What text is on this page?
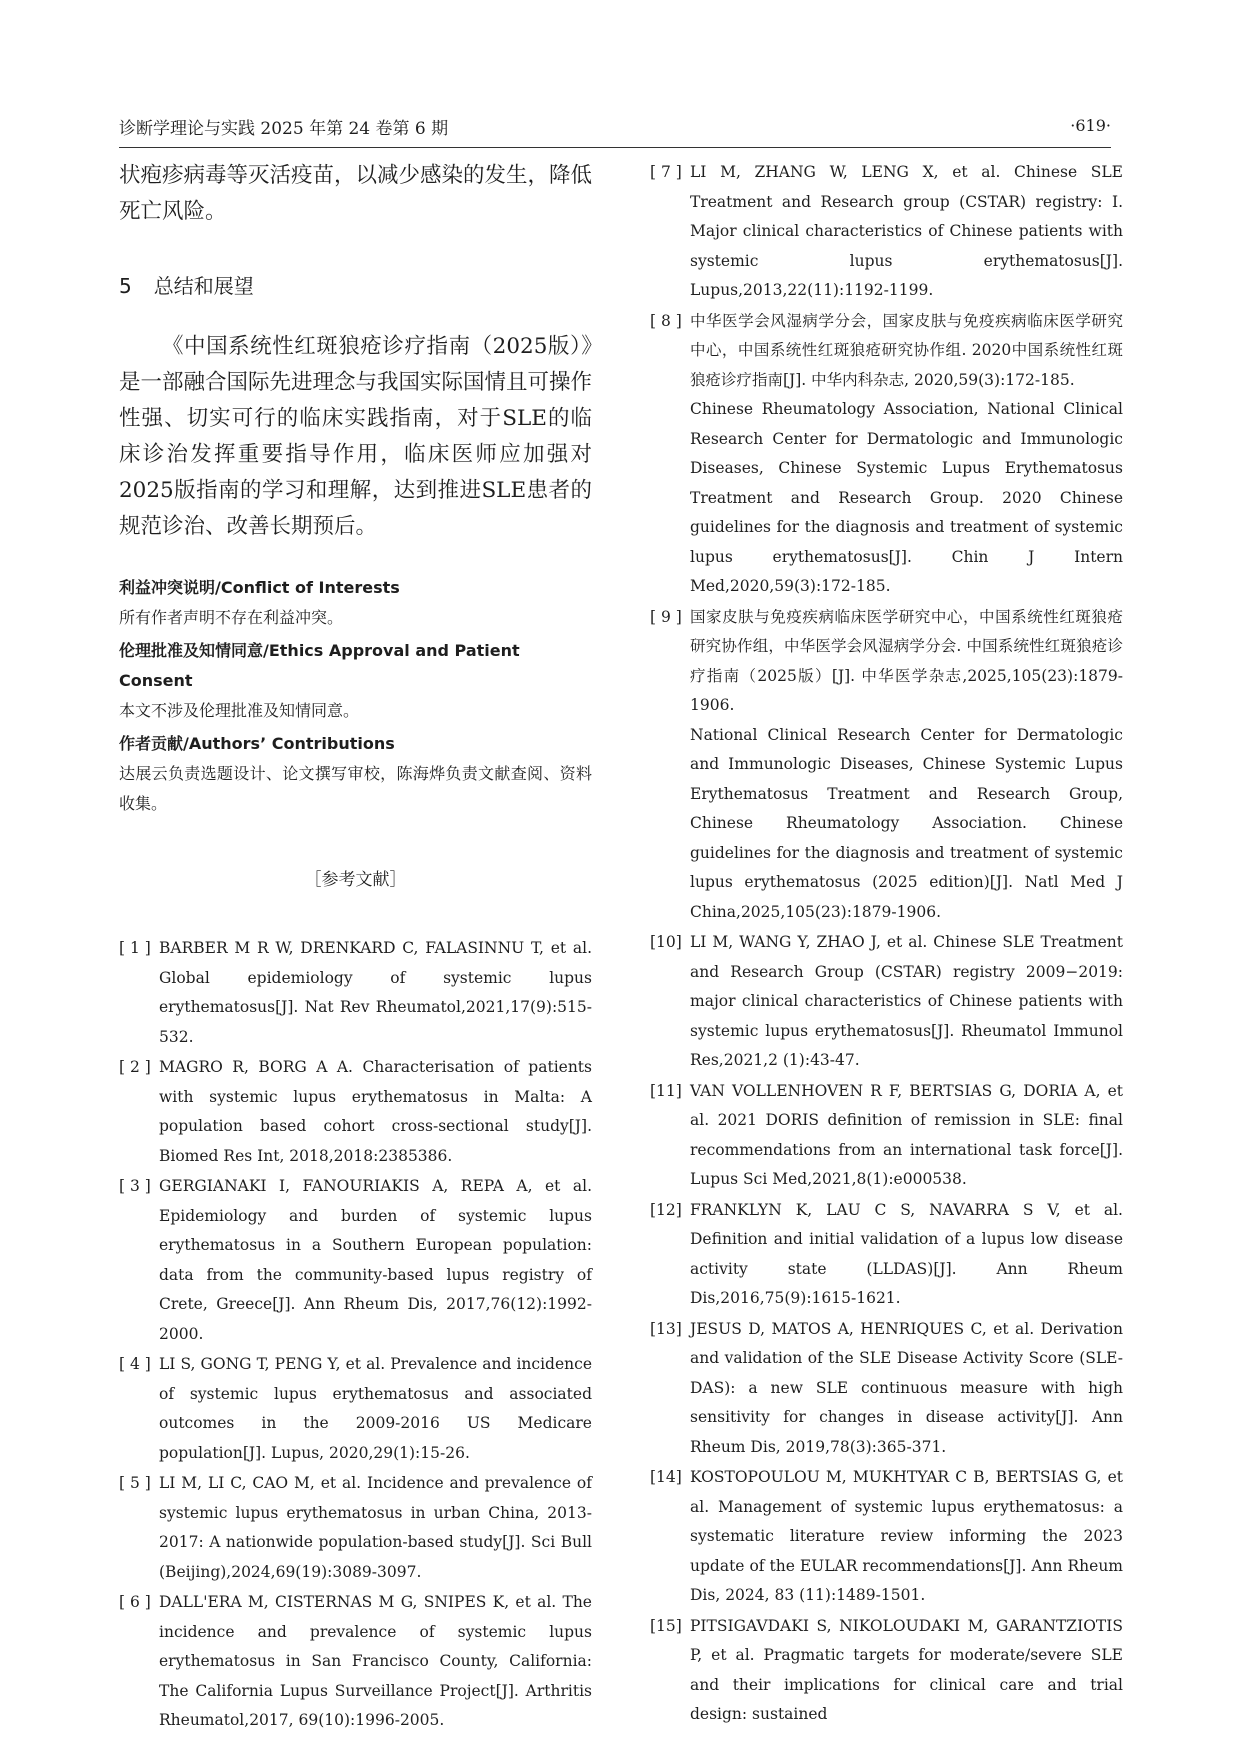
诊断学理论与实践 2025 年第 24 卷第 6 期	·619·

状疱疹病毒等灭活疫苗，以减少感染的发生，降低死亡风险。

5 总结和展望

《中国系统性红斑狼疮诊疗指南（2025版）》是一部融合国际先进理念与我国实际国情且可操作性强、切实可行的临床实践指南，对于SLE的临床诊治发挥重要指导作用，临床医师应加强对2025版指南的学习和理解，达到推进SLE患者的规范诊治、改善长期预后。

利益冲突说明/Conflict of Interests

所有作者声明不存在利益冲突。

伦理批准及知情同意/Ethics Approval and Patient Consent

本文不涉及伦理批准及知情同意。

作者贡献/Authors’ Contributions

达展云负责选题设计、论文撰写审校，陈海烨负责文献查阅、资料收集。

［参考文献］
[ 1 ] BARBER M R W, DRENKARD C, FALASINNU T, et al. Global epidemiology of systemic lupus erythematosus[J]. Nat Rev Rheumatol,2021,17(9):515-532.

[ 2 ] MAGRO R, BORG A A. Characterisation of patients with systemic lupus erythematosus in Malta: A population based cohort cross-sectional study[J]. Biomed Res Int, 2018,2018:2385386.

[ 3 ] GERGIANAKI I, FANOURIAKIS A, REPA A, et al. Epidemiology and burden of systemic lupus erythematosus in a Southern European population: data from the community-based lupus registry of Crete, Greece[J]. Ann Rheum Dis, 2017,76(12):1992-2000.

[ 4 ] LI S, GONG T, PENG Y, et al. Prevalence and incidence of systemic lupus erythematosus and associated outcomes in the 2009-2016 US Medicare population[J]. Lupus, 2020,29(1):15-26.

[ 5 ] LI M, LI C, CAO M, et al. Incidence and prevalence of systemic lupus erythematosus in urban China, 2013-2017: A nationwide population-based study[J]. Sci Bull (Beijing),2024,69(19):3089-3097.

[ 6 ] DALL'ERA M, CISTERNAS M G, SNIPES K, et al. The incidence and prevalence of systemic lupus erythematosus in San Francisco County, California: The California Lupus Surveillance Project[J]. Arthritis Rheumatol,2017, 69(10):1996-2005.

[ 7 ] LI M, ZHANG W, LENG X, et al. Chinese SLE Treatment and Research group (CSTAR) registry: I. Major clinical characteristics of Chinese patients with systemic lupus erythematosus[J]. Lupus,2013,22(11):1192-1199.

[ 8 ] 中华医学会风湿病学分会，国家皮肤与免疫疾病临床医学研究中心，中国系统性红斑狼疮研究协作组. 2020中国系统性红斑狼疮诊疗指南[J]. 中华内科杂志, 2020,59(3):172-185.

Chinese Rheumatology Association, National Clinical Research Center for Dermatologic and Immunologic Diseases, Chinese Systemic Lupus Erythematosus Treatment and Research Group. 2020 Chinese guidelines for the diagnosis and treatment of systemic lupus erythematosus[J]. Chin J Intern Med,2020,59(3):172-185.

[ 9 ] 国家皮肤与免疫疾病临床医学研究中心，中国系统性红斑狼疮研究协作组，中华医学会风湿病学分会. 中国系统性红斑狼疮诊疗指南（2025版）[J]. 中华医学杂志,2025,105(23):1879-1906.

National Clinical Research Center for Dermatologic and Immunologic Diseases, Chinese Systemic Lupus Erythematosus Treatment and Research Group, Chinese Rheumatology Association. Chinese guidelines for the diagnosis and treatment of systemic lupus erythematosus (2025 edition)[J]. Natl Med J China,2025,105(23):1879-1906.

[10] LI M, WANG Y, ZHAO J, et al. Chinese SLE Treatment and Research Group (CSTAR) registry 2009−2019: major clinical characteristics of Chinese patients with systemic lupus erythematosus[J]. Rheumatol Immunol Res,2021,2 (1):43-47.

[11] VAN VOLLENHOVEN R F, BERTSIAS G, DORIA A, et al. 2021 DORIS definition of remission in SLE: final recommendations from an international task force[J]. Lupus Sci Med,2021,8(1):e000538.

[12] FRANKLYN K, LAU C S, NAVARRA S V, et al. Definition and initial validation of a lupus low disease activity state (LLDAS)[J]. Ann Rheum Dis,2016,75(9):1615-1621.

[13] JESUS D, MATOS A, HENRIQUES C, et al. Derivation and validation of the SLE Disease Activity Score (SLE-DAS): a new SLE continuous measure with high sensitivity for changes in disease activity[J]. Ann Rheum Dis, 2019,78(3):365-371.

[14] KOSTOPOULOU M, MUKHTYAR C B, BERTSIAS G, et al. Management of systemic lupus erythematosus: a systematic literature review informing the 2023 update of the EULAR recommendations[J]. Ann Rheum Dis, 2024, 83 (11):1489-1501.

[15] PITSIGAVDAKI S, NIKOLOUDAKI M, GARANTZIOTIS P, et al. Pragmatic targets for moderate/severe SLE and their implications for clinical care and trial design: sustained
